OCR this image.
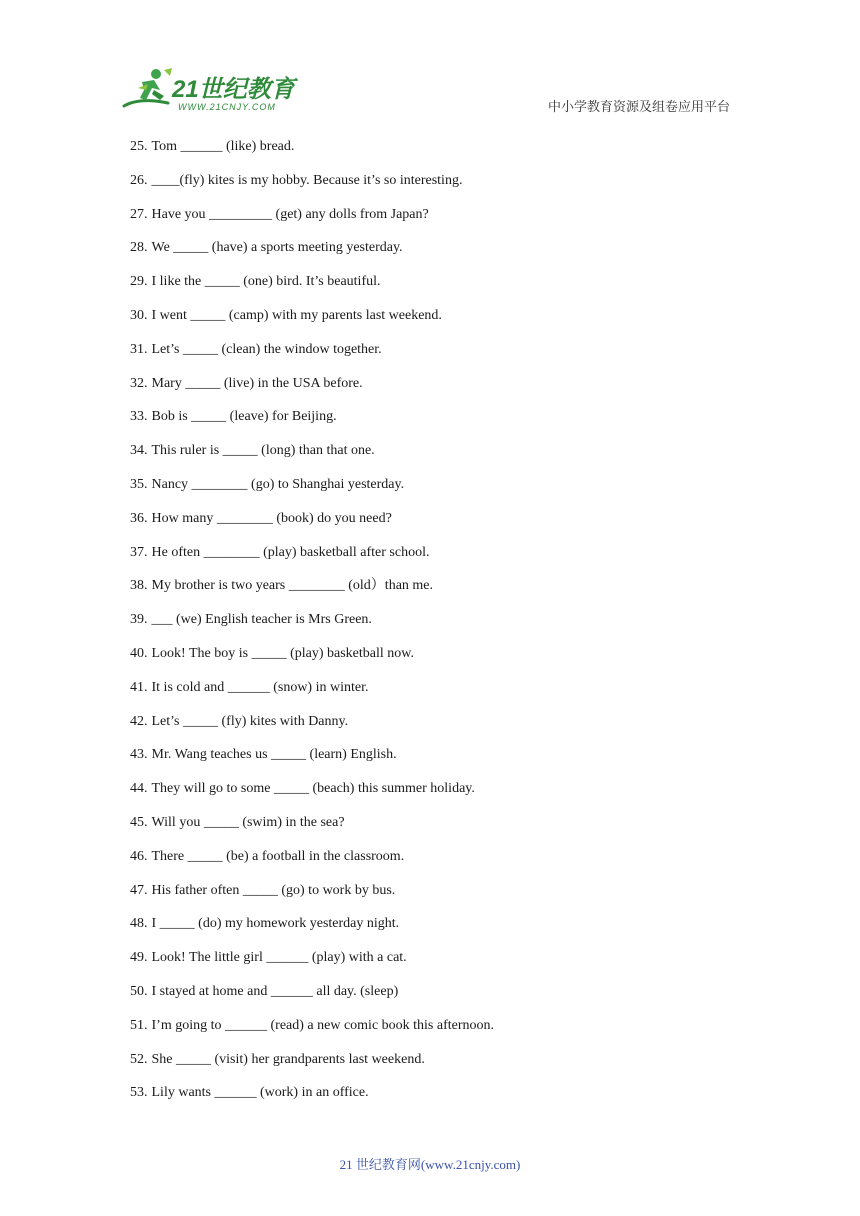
21世纪教育
WWW.21CNJY.COM	中小学教育资源及组卷应用平台
25. Tom ______ (like) bread.
26. ____(fly) kites is my hobby. Because it’s so interesting.
27. Have you _________ (get) any dolls from Japan?
28. We _____ (have) a sports meeting yesterday.
29. I like the _____ (one) bird. It’s beautiful.
30. I went _____ (camp) with my parents last weekend.
31. Let’s _____ (clean) the window together.
32. Mary _____ (live) in the USA before.
33. Bob is _____ (leave) for Beijing.
34. This ruler is _____ (long) than that one.
35. Nancy ________ (go) to Shanghai yesterday.
36. How many ________ (book) do you need?
37. He often ________ (play) basketball after school.
38. My brother is two years ________ (old）than me.
39. ___ (we) English teacher is Mrs Green.
40. Look! The boy is _____ (play) basketball now.
41. It is cold and ______ (snow) in winter.
42. Let’s _____ (fly) kites with Danny.
43. Mr. Wang teaches us _____ (learn) English.
44. They will go to some _____ (beach) this summer holiday.
45. Will you _____ (swim) in the sea?
46. There _____ (be) a football in the classroom.
47. His father often _____ (go) to work by bus.
48. I _____ (do) my homework yesterday night.
49. Look! The little girl ______ (play) with a cat.
50. I stayed at home and ______ all day. (sleep)
51. I’m going to ______ (read) a new comic book this afternoon.
52. She _____ (visit) her grandparents last weekend.
53. Lily wants ______ (work) in an office.
21 世纪教育网(www.21cnjy.com)
